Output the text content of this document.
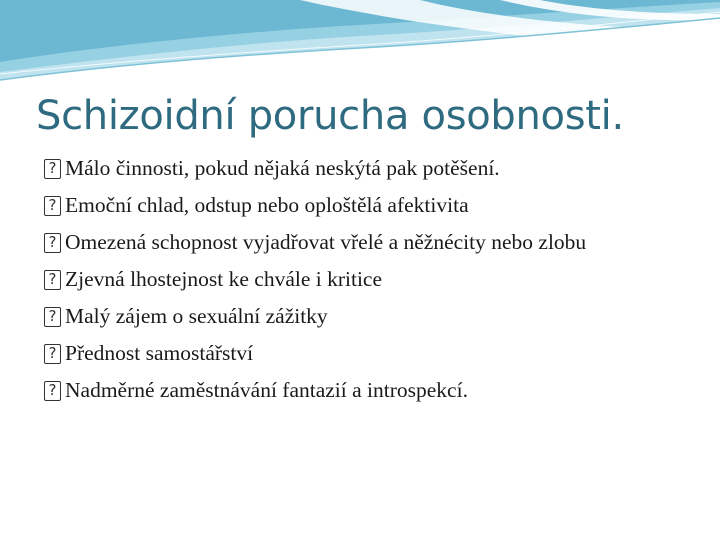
Schizoidní porucha osobnosti.
? Málo činnosti, pokud nějaká neskýtá pak potěšení.
? Emoční chlad, odstup nebo oploštělá afektivita
? Omezená schopnost vyjadřovat vřelé a něžnécity nebo zlobu
? Zjevná lhostejnost ke chvále i kritice
? Malý zájem o sexuální zážitky
? Přednost samostářství
? Nadměrné zaměstnávání fantazií a introspekcí.
